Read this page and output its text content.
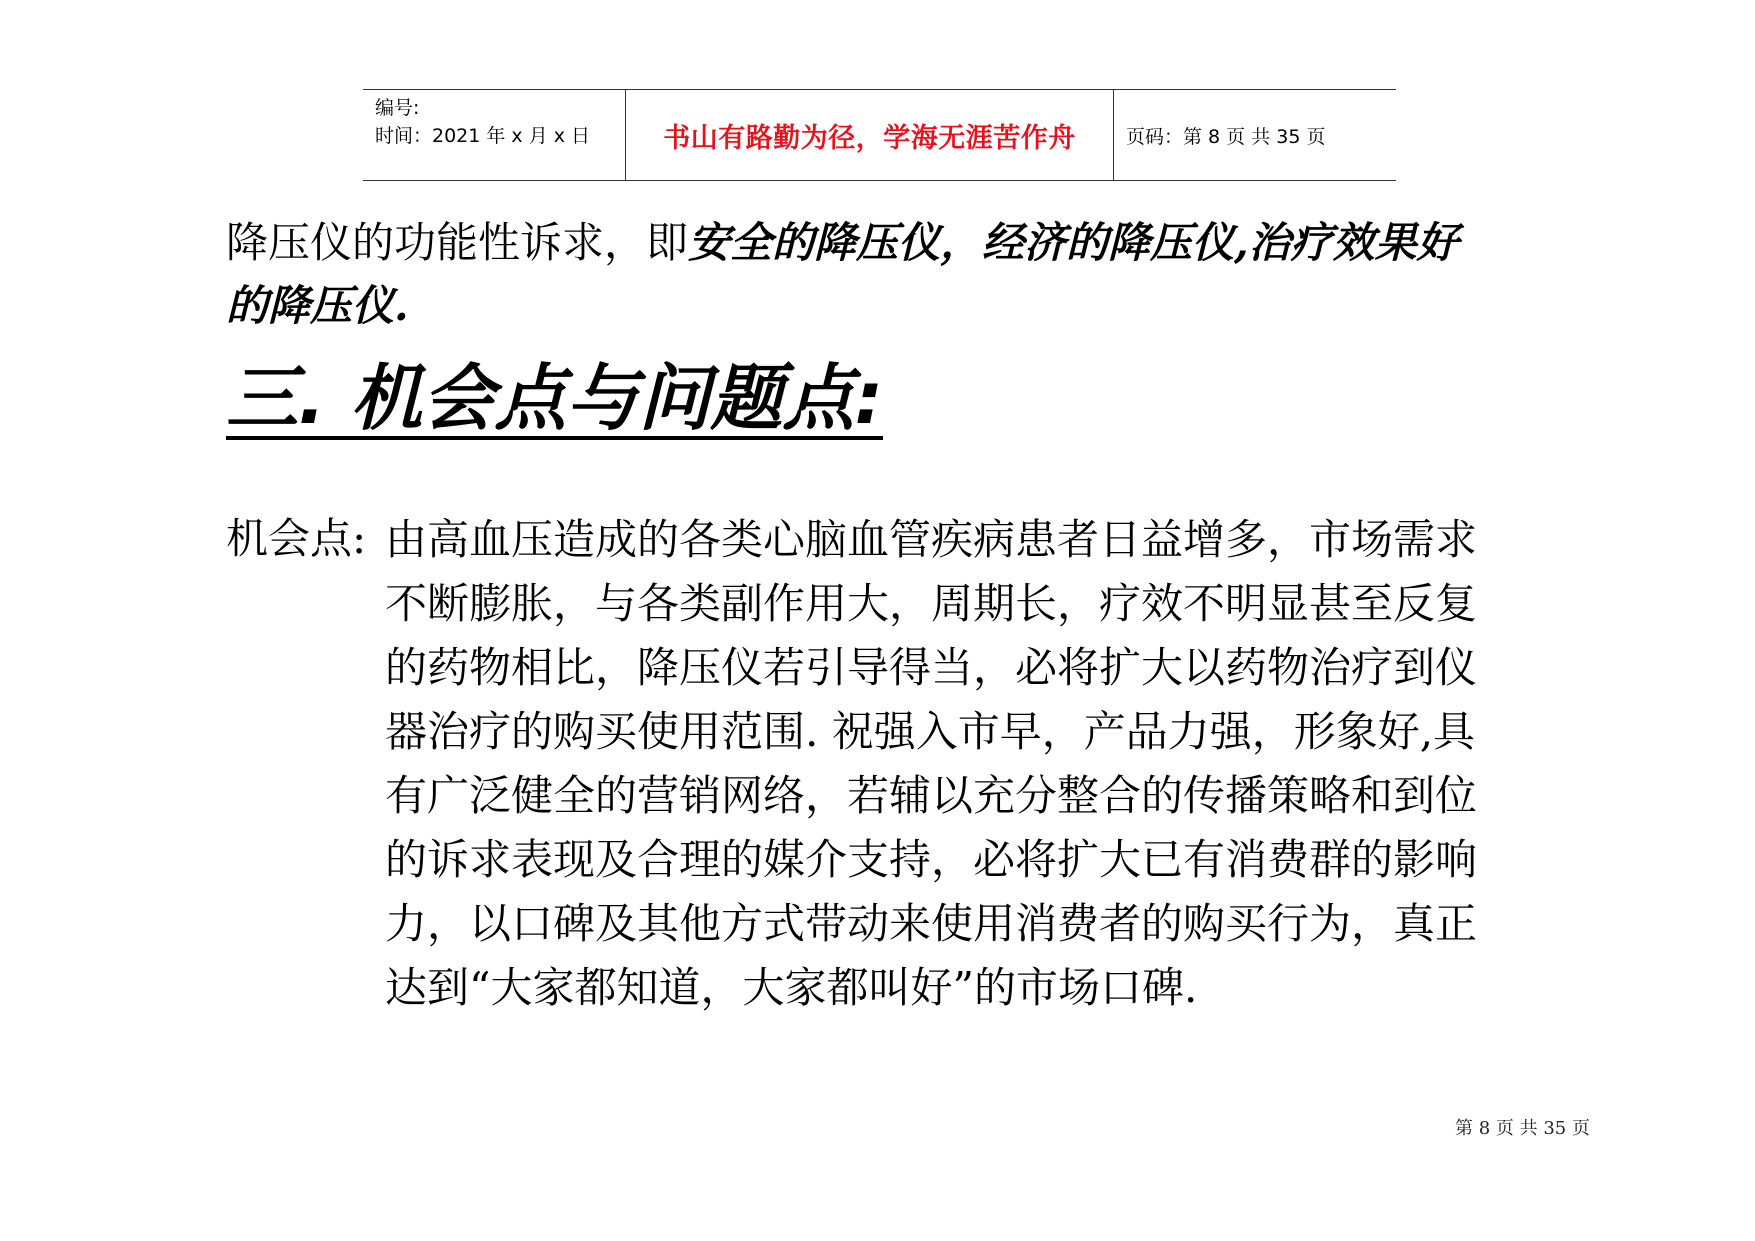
编号:
时间：2021 年 x 月 x 日	书山有路勤为径，学海无涯苦作舟	页码：第 8 页 共 35 页
降压仪的功能性诉求，即安全的降压仪，经济的降压仪,治疗效果好
的降压仪.
三. 机会点与问题点:
机会点: 由高血压造成的各类心脑血管疾病患者日益增多，市场需求
不断膨胀，与各类副作用大，周期长，疗效不明显甚至反复
的药物相比，降压仪若引导得当，必将扩大以药物治疗到仪
器治疗的购买使用范围. 祝强入市早，产品力强，形象好,具
有广泛健全的营销网络，若辅以充分整合的传播策略和到位
的诉求表现及合理的媒介支持，必将扩大已有消费群的影响
力，以口碑及其他方式带动来使用消费者的购买行为，真正
达到“大家都知道，大家都叫好”的市场口碑.
第 8 页 共 35 页
